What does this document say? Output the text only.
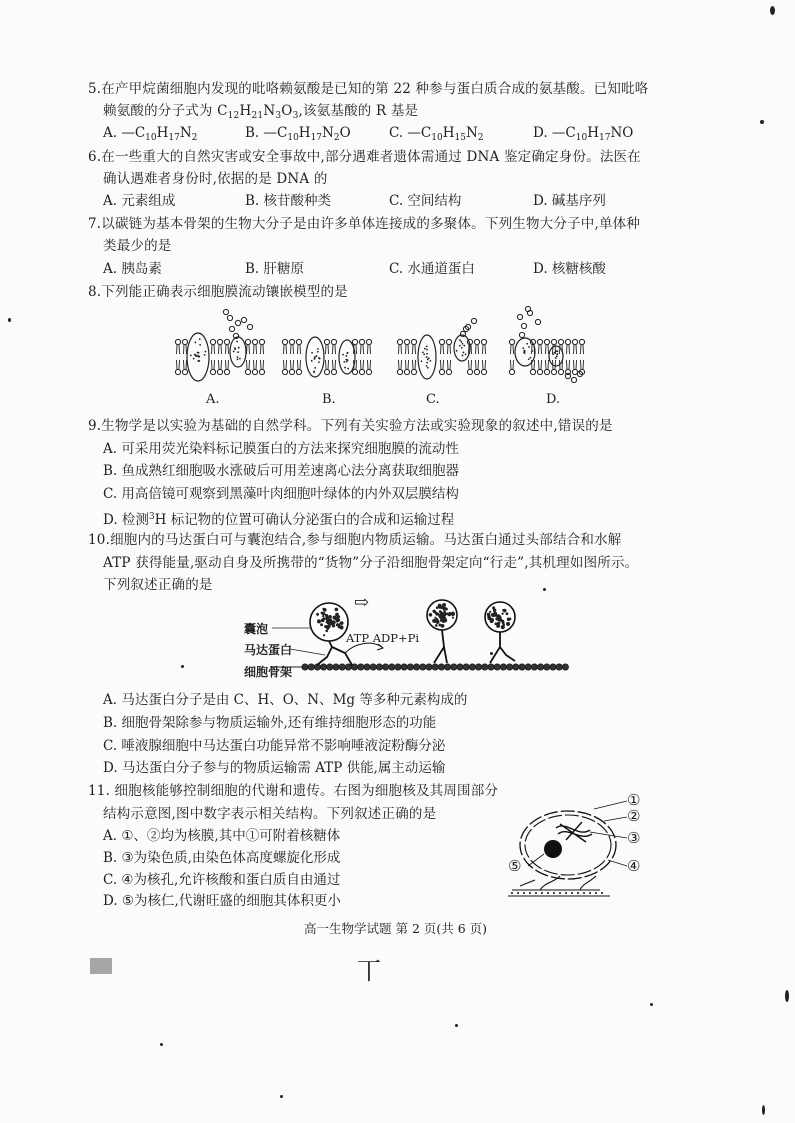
5.在产甲烷菌细胞内发现的吡咯赖氨酸是已知的第 22 种参与蛋白质合成的氨基酸。已知吡咯
赖氨酸的分子式为 $C_{12}H_{21}N_3O_3$,该氨基酸的 R 基是
A. $—C_{10}H_{17}N_2$	B. $—C_{10}H_{17}N_2O$	C. $—C_{10}H_{15}N_2$	D. $—C_{10}H_{17}NO$
6.在一些重大的自然灾害或安全事故中,部分遇难者遗体需通过 DNA 鉴定确定身份。法医在
确认遇难者身份时,依据的是 DNA 的
A. 元素组成	B. 核苷酸种类	C. 空间结构	D. 碱基序列
7.以碳链为基本骨架的生物大分子是由许多单体连接成的多聚体。下列生物大分子中,单体种
类最少的是
A. 胰岛素	B. 肝糖原	C. 水通道蛋白	D. 核糖核酸
8.下列能正确表示细胞膜流动镶嵌模型的是
A.	B.	C.	D.
9.生物学是以实验为基础的自然学科。下列有关实验方法或实验现象的叙述中,错误的是
A. 可采用荧光染料标记膜蛋白的方法来探究细胞膜的流动性
B. 鱼成熟红细胞吸水涨破后可用差速离心法分离获取细胞器
C. 用高倍镜可观察到黑藻叶肉细胞叶绿体的内外双层膜结构
D. 检测$^3$H 标记物的位置可确认分泌蛋白的合成和运输过程
10.细胞内的马达蛋白可与囊泡结合,参与细胞内物质运输。马达蛋白通过头部结合和水解
ATP 获得能量,驱动自身及所携带的“货物”分子沿细胞骨架定向“行走”,其机理如图所示。
下列叙述正确的是
囊泡
马达蛋白
细胞骨架
ATP ADP+Pi
⇨
A. 马达蛋白分子是由 C、H、O、N、Mg 等多种元素构成的
B. 细胞骨架除参与物质运输外,还有维持细胞形态的功能
C. 唾液腺细胞中马达蛋白功能异常不影响唾液淀粉酶分泌
D. 马达蛋白分子参与的物质运输需 ATP 供能,属主动运输
11. 细胞核能够控制细胞的代谢和遗传。右图为细胞核及其周围部分
结构示意图,图中数字表示相关结构。下列叙述正确的是
A. ①、②均为核膜,其中①可附着核糖体
B. ③为染色质,由染色体高度螺旋化形成
C. ④为核孔,允许核酸和蛋白质自由通过
D. ⑤为核仁,代谢旺盛的细胞其体积更小
①
②
③
④
⑤
高一生物学试题 第 2 页(共 6 页)
丅
